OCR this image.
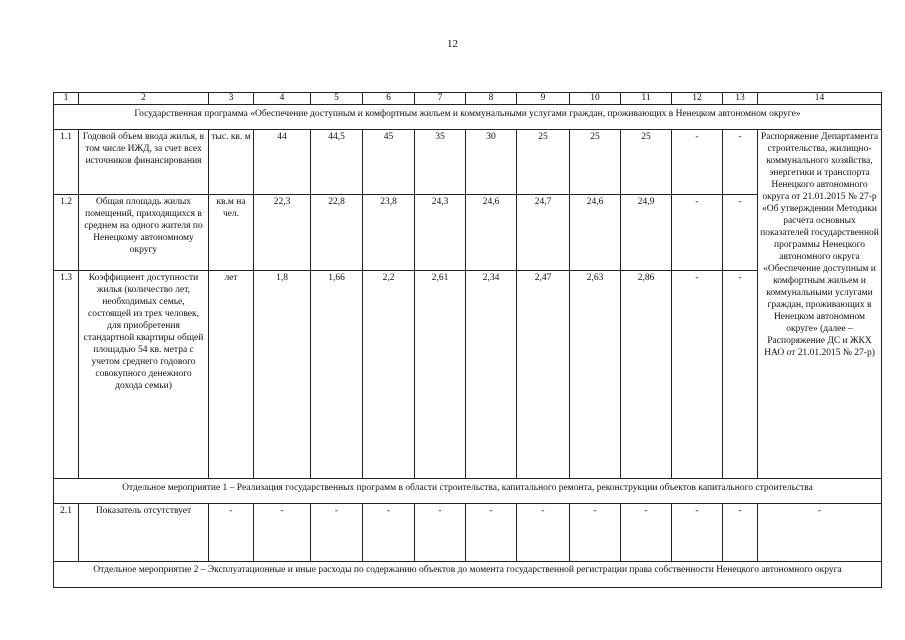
12
1	2	3	4	5	6	7	8	9	10	11	12	13	14
Государственная программа «Обеспечение доступным и комфортным жильем и коммунальными услугами граждан, проживающих в Ненецком автономном округе»													
1.1	Годовой объем ввода жилья, в том числе ИЖД, за счет всех источников финансирования	тыс. кв. м	44	44,5	45	35	30	25	25	25	-	-	Распоряжение Департамента строительства, жилищно-коммунального хозяйства, энергетики и транспорта Ненецкого автономного округа от 21.01.2015 № 27-р «Об утверждении Методики расчета основных показателей государственной программы Ненецкого автономного округа «Обеспечение доступным и комфортным жильем и коммунальными услугами граждан, проживающих в Ненецком автономном округе» (далее – Распоряжение ДС и ЖКХ НАО от 21.01.2015 № 27-р)
1.2	Общая площадь жилых помещений, приходящихся в среднем на одного жителя по Ненецкому автономному округу	кв.м на чел.	22,3	22,8	23,8	24,3	24,6	24,7	24,6	24,9	-	-	
1.3	Коэффициент доступности жилья (количество лет, необходимых семье, состоящей из трех человек, для приобретения стандартной квартиры общей площадью 54 кв. метра с учетом среднего годового совокупного денежного дохода семьи)	лет	1,8	1,66	2,2	2,61	2,34	2,47	2,63	2,86	-	-	
Отдельное мероприятие 1 – Реализация государственных программ в области строительства, капитального ремонта, реконструкции объектов капитального строительства													
2.1	Показатель отсутствует	-	-	-	-	-	-	-	-	-	-	-	-
Отдельное мероприятие 2 – Эксплуатационные и иные расходы по содержанию объектов до момента государственной регистрации права собственности Ненецкого автономного округа													
